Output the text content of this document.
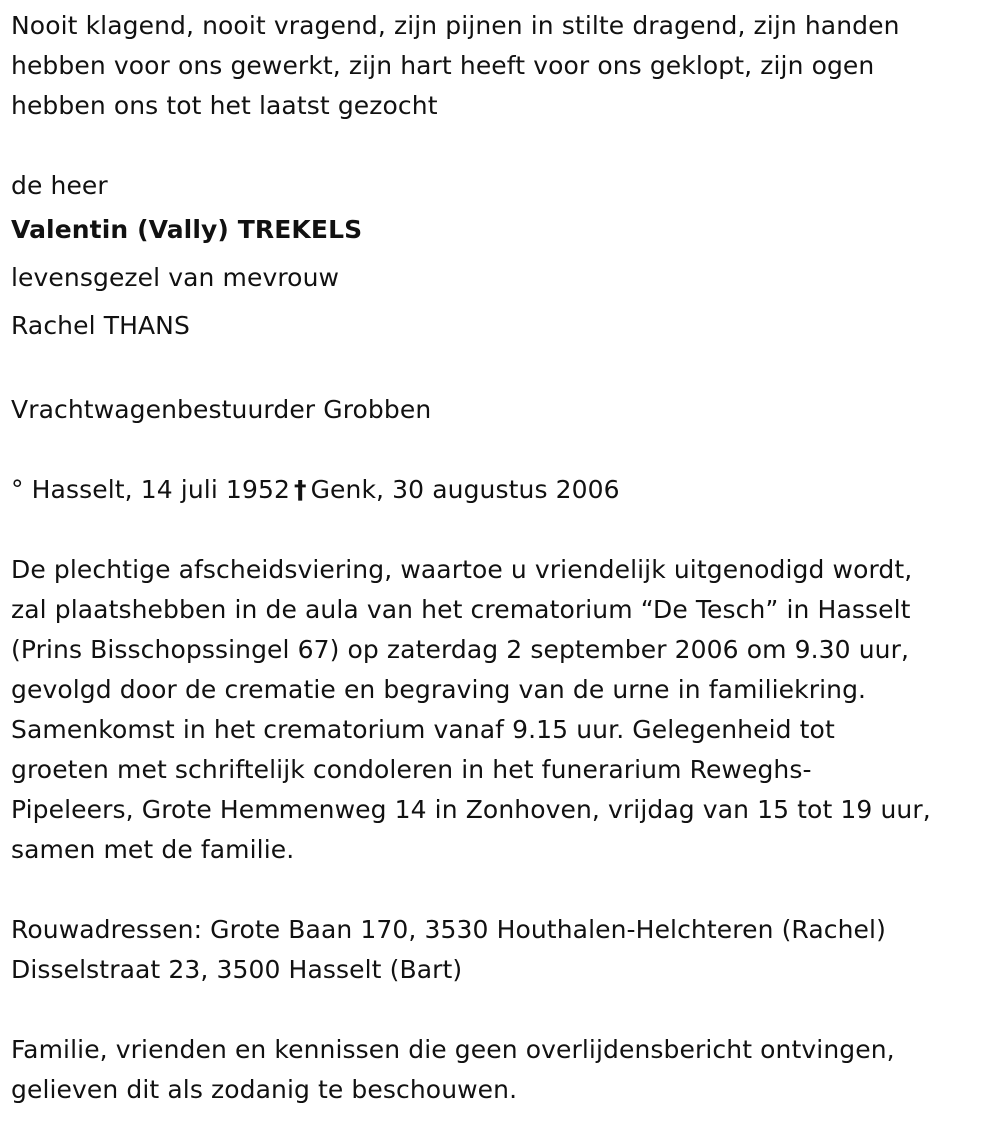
Nooit klagend, nooit vragend, zijn pijnen in stilte dragend, zijn handen
hebben voor ons gewerkt, zijn hart heeft voor ons geklopt, zijn ogen
hebben ons tot het laatst gezocht
de heer
Valentin (Vally) TREKELS
levensgezel van mevrouw
Rachel THANS
Vrachtwagenbestuurder Grobben
°
Hasselt, 14 juli 1952 † Genk, 30 augustus 2006
De plechtige afscheidsviering, waartoe u vriendelijk uitgenodigd wordt,
zal plaatshebben in de aula van het crematorium “De Tesch” in Hasselt
(Prins Bisschopssingel 67) op zaterdag 2 september 2006 om 9.30 uur,
gevolgd door de crematie en begraving van de urne in familiekring.
Samenkomst in het crematorium vanaf 9.15 uur. Gelegenheid tot
groeten met schriftelijk condoleren in het funerarium Reweghs-
Pipeleers, Grote Hemmenweg 14 in Zonhoven, vrijdag van 15 tot 19 uur,
samen met de familie.
Rouwadressen: Grote Baan 170, 3530 Houthalen-Helchteren (Rachel)
Disselstraat 23, 3500 Hasselt (Bart)
Familie, vrienden en kennissen die geen overlijdensbericht ontvingen,
gelieven dit als zodanig te beschouwen.
